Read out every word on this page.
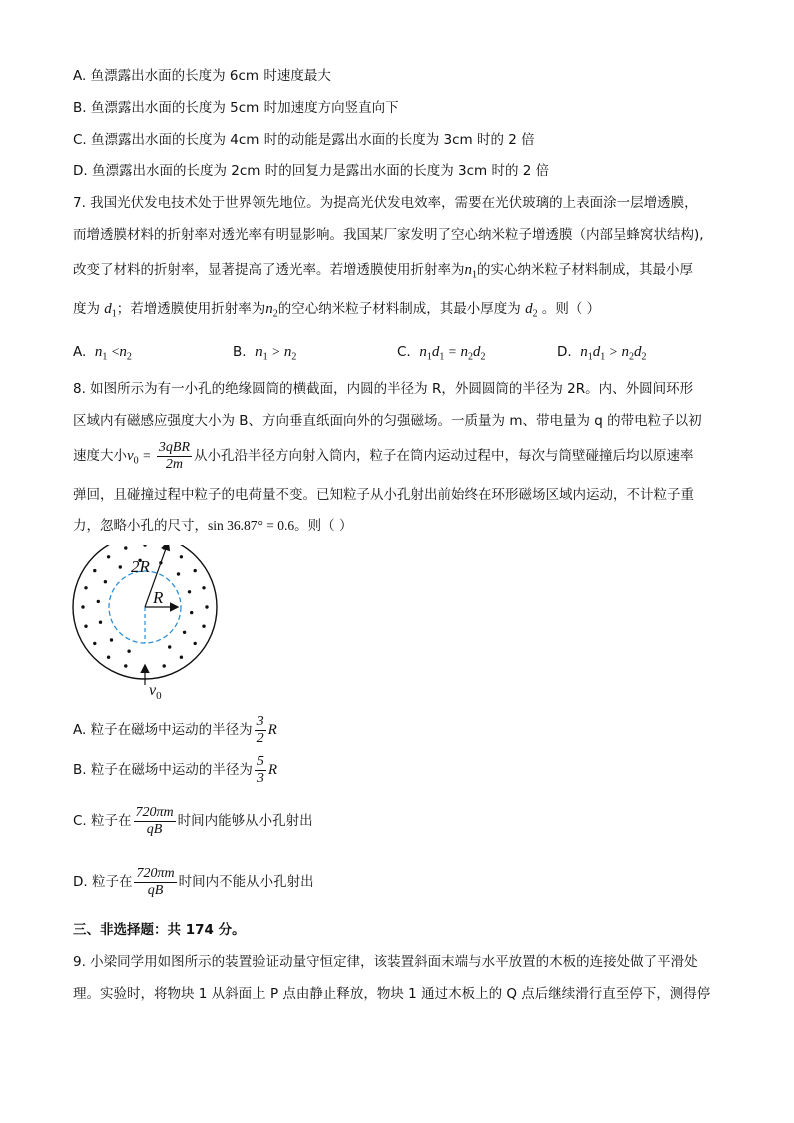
A. 鱼漂露出水面的长度为 6cm 时速度最大
B. 鱼漂露出水面的长度为 5cm 时加速度方向竖直向下
C. 鱼漂露出水面的长度为 4cm 时的动能是露出水面的长度为 3cm 时的 2 倍
D. 鱼漂露出水面的长度为 2cm 时的回复力是露出水面的长度为 3cm 时的 2 倍
7. 我国光伏发电技术处于世界领先地位。为提高光伏发电效率，需要在光伏玻璃的上表面涂一层增透膜，
而增透膜材料的折射率对透光率有明显影响。我国某厂家发明了空心纳米粒子增透膜（内部呈蜂窝状结构),
改变了材料的折射率，显著提高了透光率。若增透膜使用折射率为$n_1$的实心纳米粒子材料制成，其最小厚
度为 $d_1$；若增透膜使用折射率为$n_2$的空心纳米粒子材料制成，其最小厚度为 $d_2$ 。则（ ）
A. $n_1 <n_2$	B. $n_1 > n_2$	C. $n_1d_1 = n_2d_2$	D. $n_1d_1 > n_2d_2$
8. 如图所示为有一小孔的绝缘圆筒的横截面，内圆的半径为 R，外圆圆筒的半径为 2R。内、外圆间环形
区域内有磁感应强度大小为 B、方向垂直纸面向外的匀强磁场。一质量为 m、带电量为 q 的带电粒子以初
速度大小$v_0 = \frac{\text{3qBR}}{2m}$ 从小孔沿半径方向射入筒内，粒子在筒内运动过程中，每次与筒壁碰撞后均以原速率
弹回，且碰撞过程中粒子的电荷量不变。已知粒子从小孔射出前始终在环形磁场区域内运动，不计粒子重
力，忽略小孔的尺寸，sin 36.87° = 0.6。则（ ）
2R
R
$v_0$
A. 粒子在磁场中运动的半径为 $\frac{3}{2}$ R
B. 粒子在磁场中运动的半径为 $\frac{5}{3}$ R
C. 粒子在 $\frac{720\pi m}{qB}$ 时间内能够从小孔射出
D. 粒子在 $\frac{720\pi m}{qB}$ 时间内不能从小孔射出
三、非选择题：共 174 分。
9. 小梁同学用如图所示的装置验证动量守恒定律，该装置斜面末端与水平放置的木板的连接处做了平滑处
理。实验时，将物块 1 从斜面上 P 点由静止释放，物块 1 通过木板上的 Q 点后继续滑行直至停下，测得停
